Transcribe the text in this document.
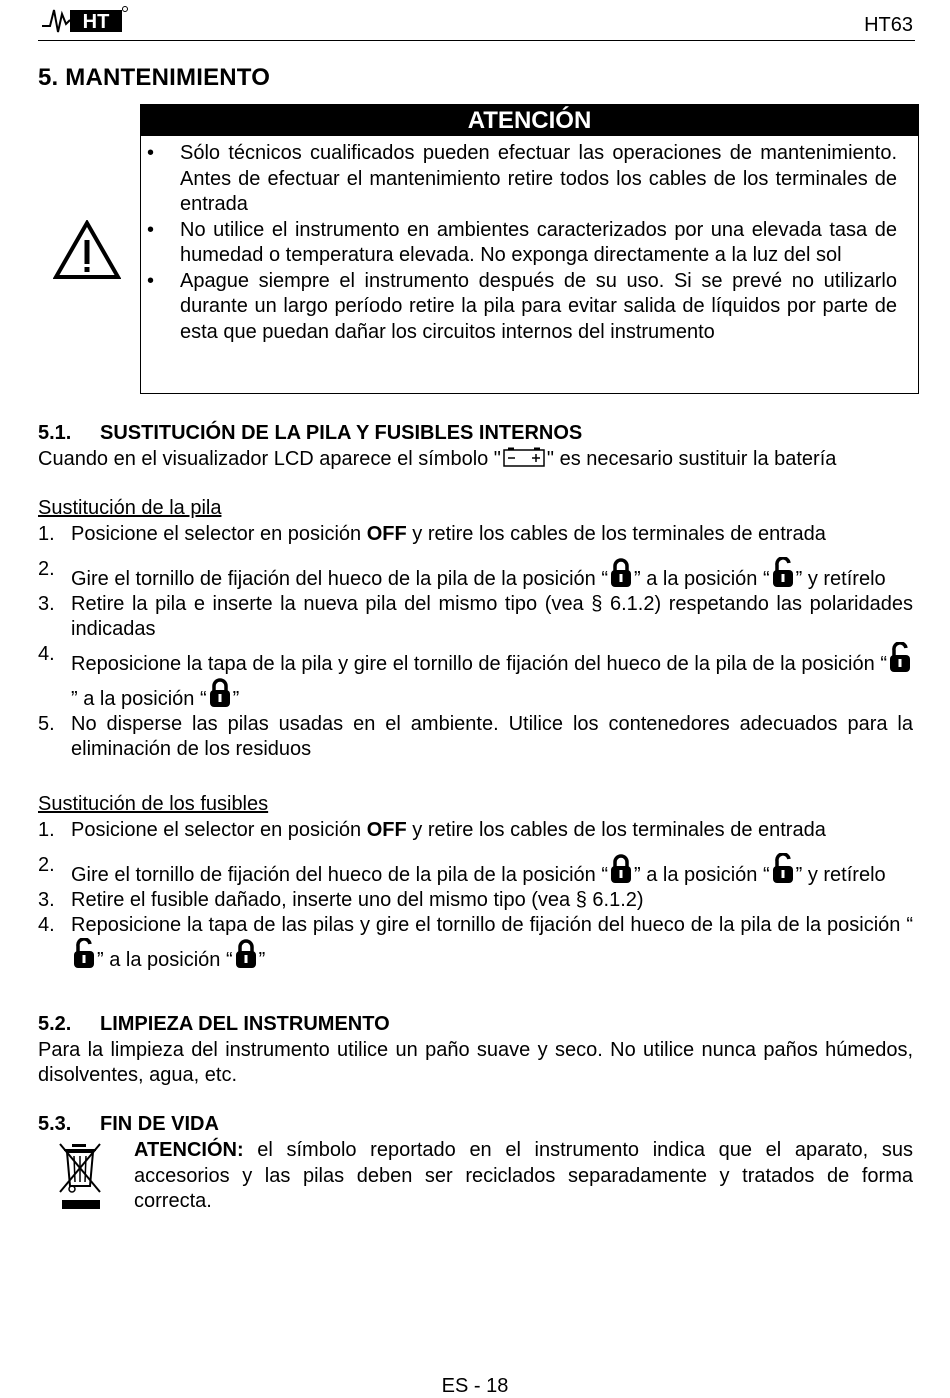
HT	HT63
5. MANTENIMIENTO
ATENCIÓN
• Sólo técnicos cualificados pueden efectuar las operaciones de mantenimiento. Antes de efectuar el mantenimiento retire todos los cables de los terminales de entrada
• No utilice el instrumento en ambientes caracterizados por una elevada tasa de humedad o temperatura elevada. No exponga directamente a la luz del sol
• Apague siempre el instrumento después de su uso. Si se prevé no utilizarlo durante un largo período retire la pila para evitar salida de líquidos por parte de esta que puedan dañar los circuitos internos del instrumento
5.1. SUSTITUCIÓN DE LA PILA Y FUSIBLES INTERNOS
Cuando en el visualizador LCD aparece el símbolo " " es necesario sustituir la batería
Sustitución de la pila
1. Posicione el selector en posición OFF y retire los cables de los terminales de entrada
2. Gire el tornillo de fijación del hueco de la pila de la posición “ ” a la posición “ ” y retírelo
3. Retire la pila e inserte la nueva pila del mismo tipo (vea § 6.1.2) respetando las polaridades indicadas
4. Reposicione la tapa de la pila y gire el tornillo de fijación del hueco de la pila de la posición “” a la posición “ ”
5. No disperse las pilas usadas en el ambiente. Utilice los contenedores adecuados para la eliminación de los residuos
Sustitución de los fusibles
1. Posicione el selector en posición OFF y retire los cables de los terminales de entrada
2. Gire el tornillo de fijación del hueco de la pila de la posición “ ” a la posición “ ” y retírelo
3. Retire el fusible dañado, inserte uno del mismo tipo (vea § 6.1.2)
4. Reposicione la tapa de las pilas y gire el tornillo de fijación del hueco de la pila de la posición “” a la posición “ ”
5.2. LIMPIEZA DEL INSTRUMENTO
Para la limpieza del instrumento utilice un paño suave y seco. No utilice nunca paños húmedos, disolventes, agua, etc.
5.3. FIN DE VIDA
ATENCIÓN: el símbolo reportado en el instrumento indica que el aparato, sus accesorios y las pilas deben ser reciclados separadamente y tratados de forma correcta.
ES - 18
